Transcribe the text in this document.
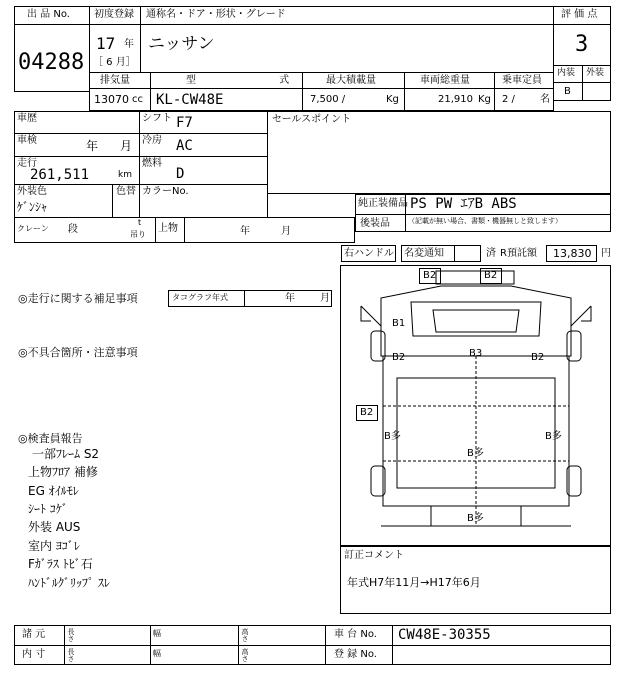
出 品 No.
04288
初度登録
17 年
［ 6 月］
通称名・ドア・形状・グレード
ニッサン
評 価 点
3
内装 外装
B
排気量
13070 cc
型 式
KL-CW48E
最大積載量
7,500 /	Kg
車両総重量
21,910 Kg
乗車定員
2 /	名
車歴	シフト F7
車検	年 月 冷房 AC
走行
261,511	km
燃料
D
外装色
ｹﾞﾝｼｬ
色替 カラーNo.
セールスポイント
純正装備品 PS PW ｴｱB ABS
後装品	（記載が無い場合、書類・機器無しと致します）
クレーン 段
t
吊り
上物	年	月
右ハンドル 名変通知	済 R預託額 13,830 円
◎走行に関する補足事項	タコグラフ年式	年	月
◎不具合箇所・注意事項
◎検査員報告
一部ﾌﾚｰﾑ S2
上物ﾌﾛｱ 補修
EG ｵｲﾙﾓﾚ
ｼｰﾄ ｺｹﾞ
外装 AUS
室内 ﾖｺﾞﾚ
Fｶﾞﾗｽ ﾄﾋﾞ石
ﾊﾝﾄﾞﾙｸﾞﾘｯﾌﾟ ｽﾚ
B2	B2
B1
B2	B3	B2
B2
B多	B多
B多
B多
訂正コメント
年式H7年11月→H17年6月
諸 元
内 寸
長さ
長さ
幅
幅
高さ
高さ
車 台 No. CW48E-30355
登 録 No.
